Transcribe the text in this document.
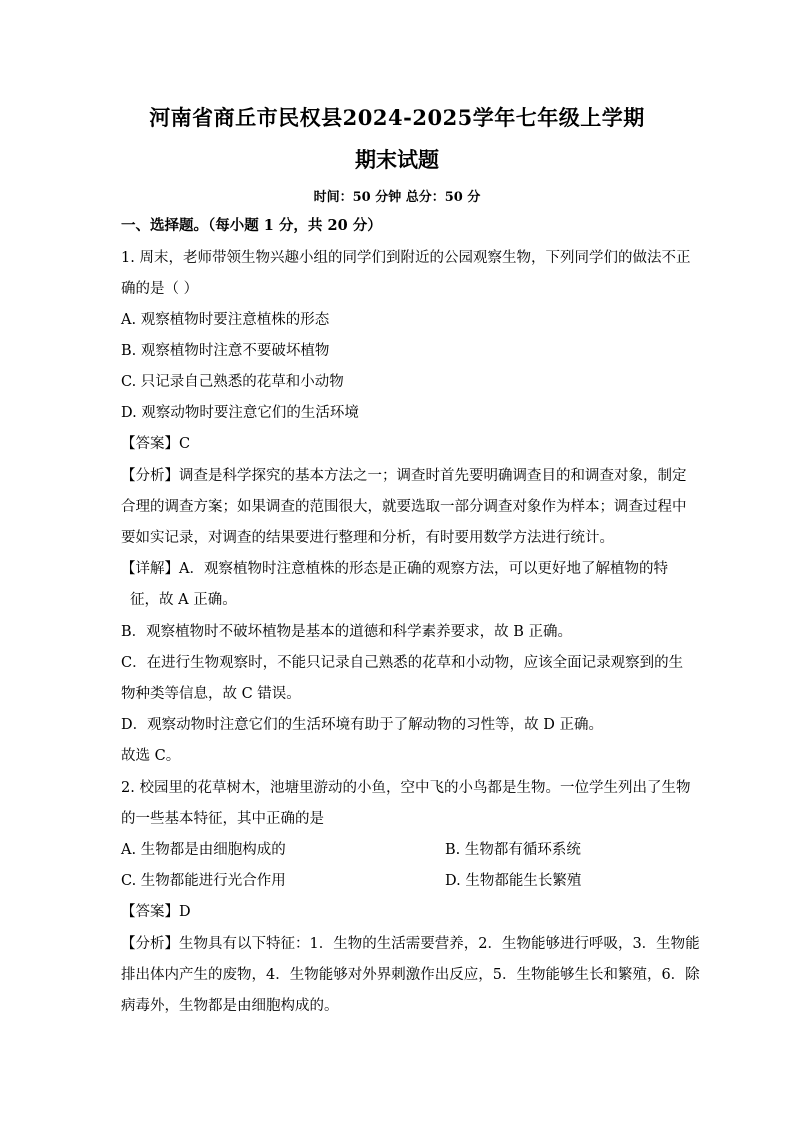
河南省商丘市民权县2024-2025学年七年级上学期
期末试题
时间：50 分钟 总分：50 分
一、选择题。（每小题 1 分，共 20 分）
1. 周末，老师带领生物兴趣小组的同学们到附近的公园观察生物，下列同学们的做法不正
确的是（ ）
A. 观察植物时要注意植株的形态
B. 观察植物时注意不要破坏植物
C. 只记录自己熟悉的花草和小动物
D. 观察动物时要注意它们的生活环境
【答案】C
【分析】调查是科学探究的基本方法之一；调查时首先要明确调查目的和调查对象，制定
合理的调查方案；如果调查的范围很大，就要选取一部分调查对象作为样本；调查过程中
要如实记录，对调查的结果要进行整理和分析，有时要用数学方法进行统计。
【详解】A．观察植物时注意植株的形态是正确的观察方法，可以更好地了解植物的特
征，故 A 正确。
B．观察植物时不破坏植物是基本的道德和科学素养要求，故 B 正确。
C．在进行生物观察时，不能只记录自己熟悉的花草和小动物，应该全面记录观察到的生
物种类等信息，故 C 错误。
D．观察动物时注意它们的生活环境有助于了解动物的习性等，故 D 正确。
故选 C。
2. 校园里的花草树木，池塘里游动的小鱼，空中飞的小鸟都是生物。一位学生列出了生物
的一些基本特征，其中正确的是
A. 生物都是由细胞构成的	B. 生物都有循环系统
C. 生物都能进行光合作用	D. 生物都能生长繁殖
【答案】D
【分析】生物具有以下特征：1．生物的生活需要营养，2．生物能够进行呼吸，3．生物能
排出体内产生的废物，4．生物能够对外界刺激作出反应，5．生物能够生长和繁殖，6．除
病毒外，生物都是由细胞构成的。
